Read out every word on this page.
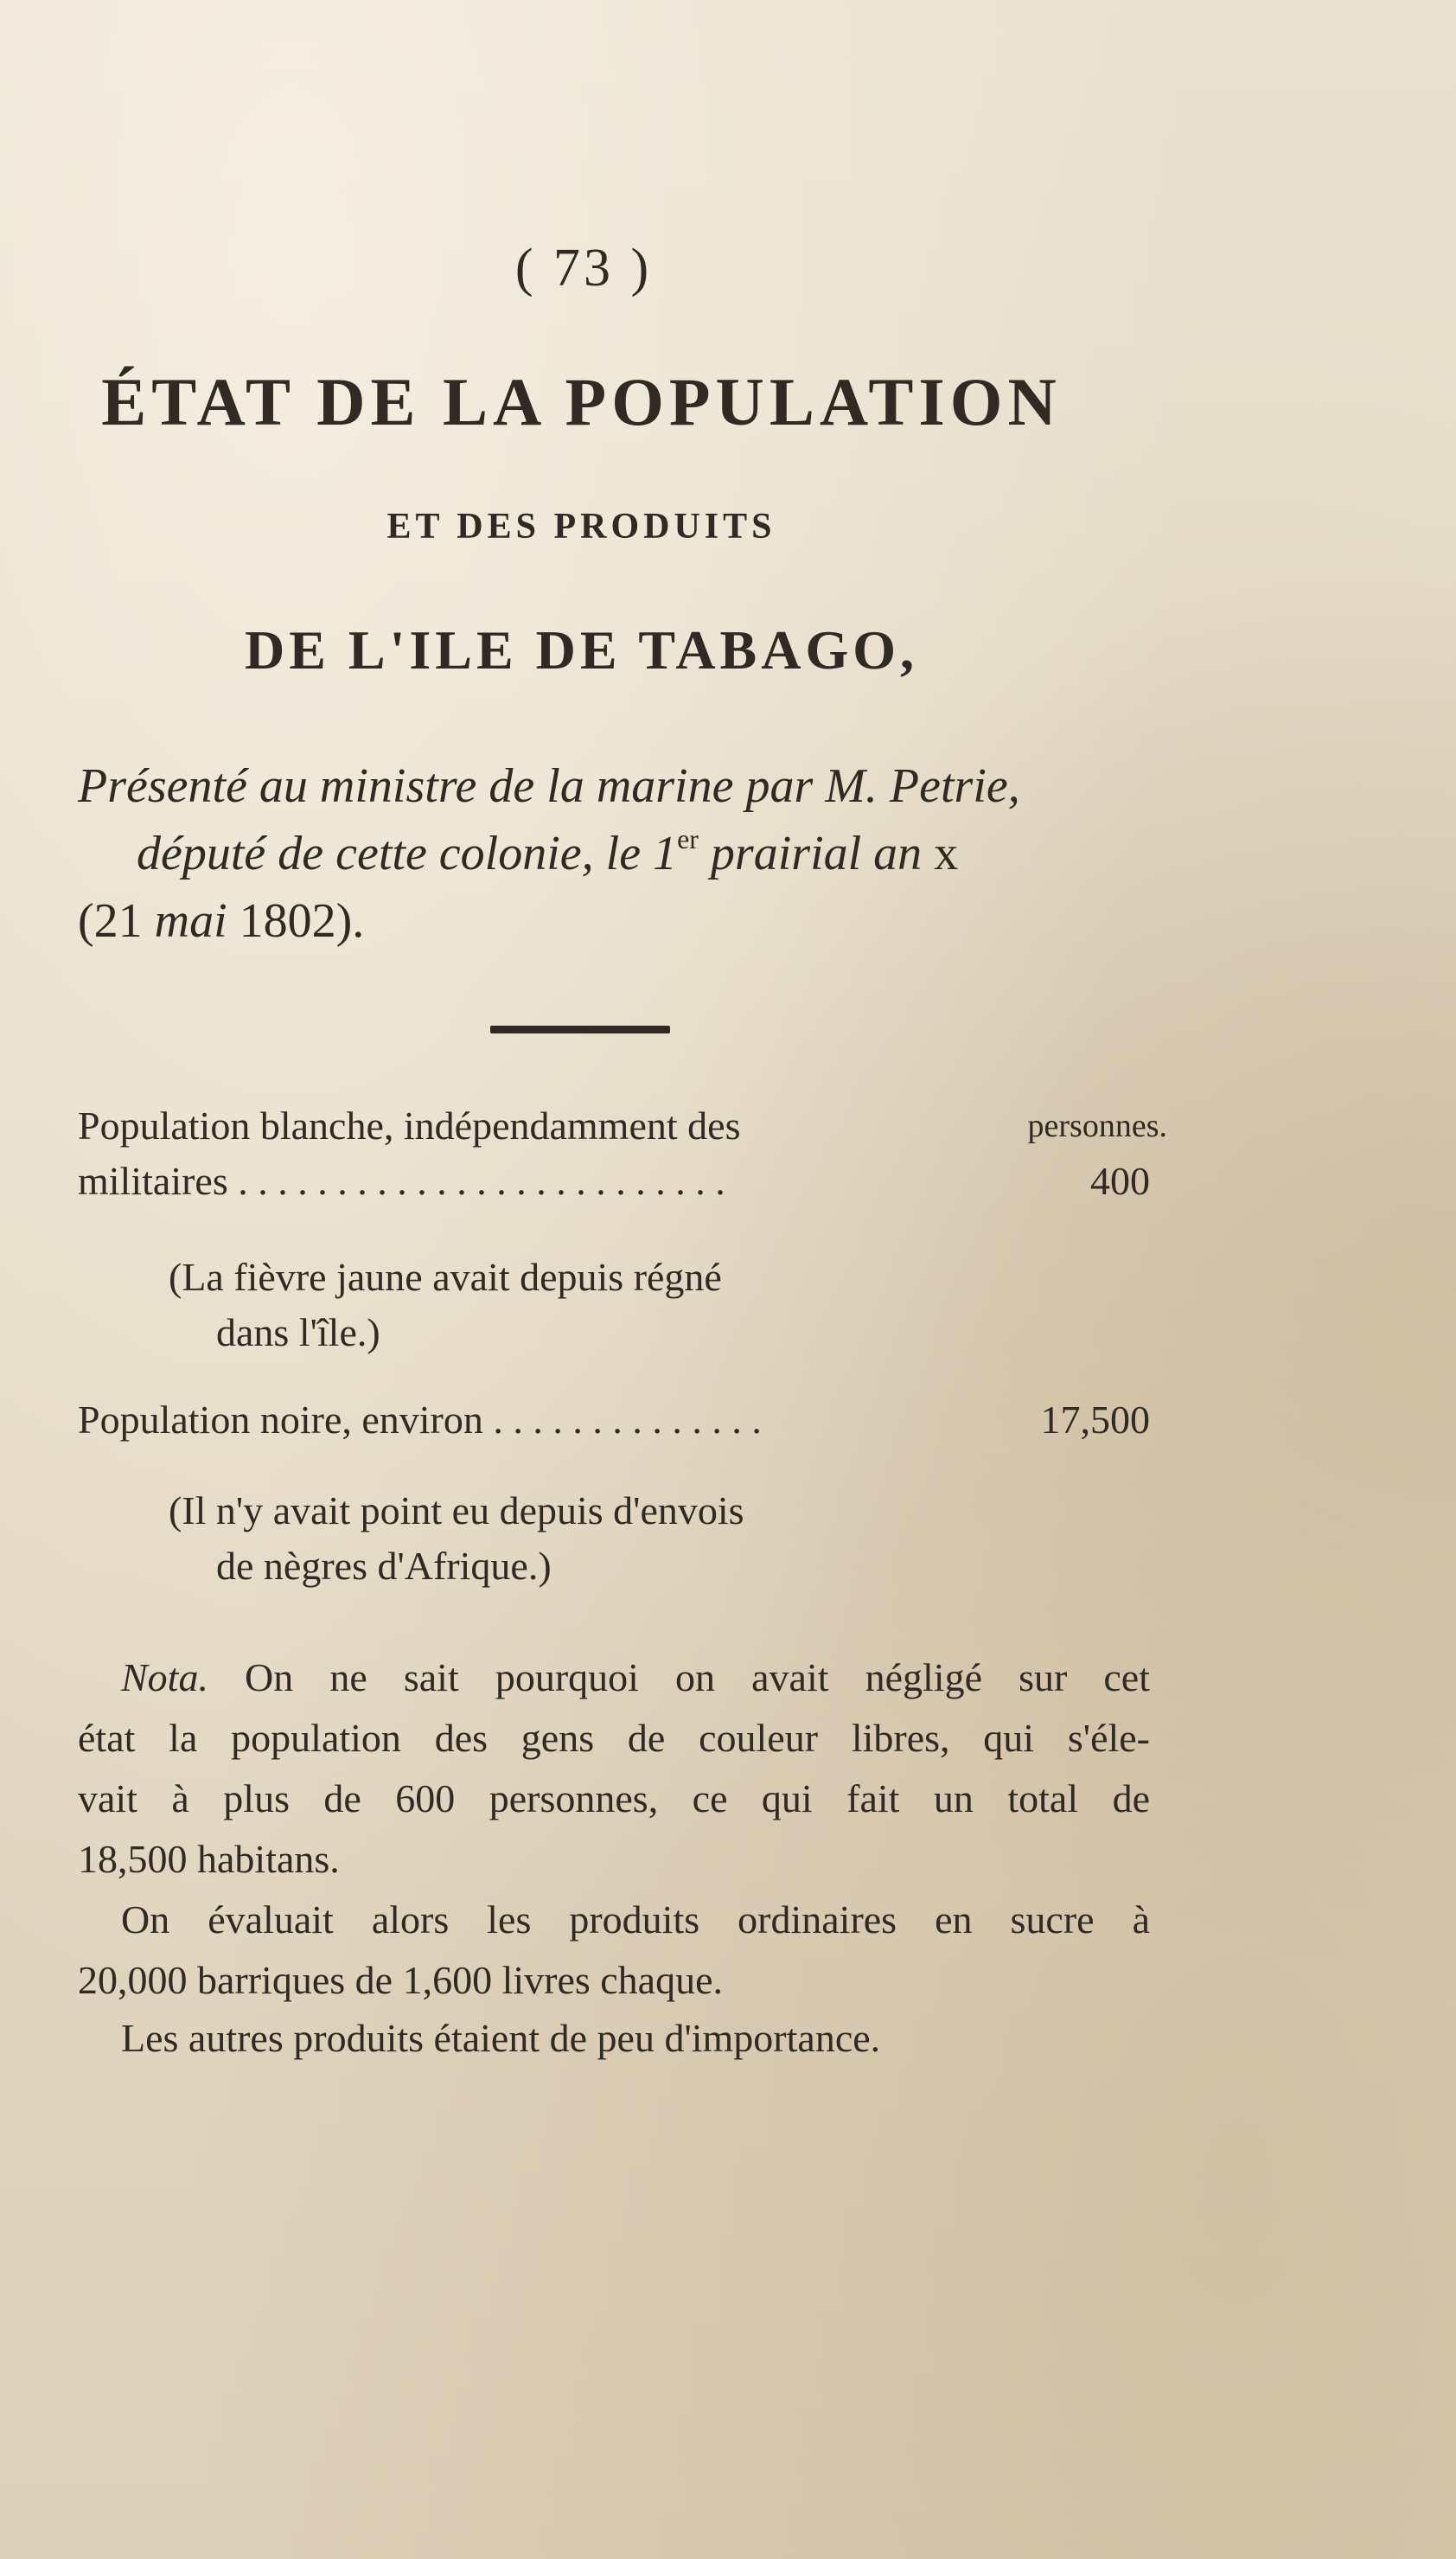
( 73 )
ÉTAT DE LA POPULATION
ET DES PRODUITS
DE L'ILE DE TABAGO,
Présenté au ministre de la marine par M. Petrie,
député de cette colonie, le 1er prairial an x
(21 mai 1802).
Population blanche, indépendamment des	personnes.
militaires . . . . . . . . . . . . . . . . . . . . . . . . .	400
(La fièvre jaune avait depuis régné
dans l'île.)
Population noire, environ . . . . . . . . . . . . . .	17,500
(Il n'y avait point eu depuis d'envois
de nègres d'Afrique.)
Nota. On ne sait pourquoi on avait négligé sur cet
état la population des gens de couleur libres, qui s'éle-
vait à plus de 600 personnes, ce qui fait un total de
18,500 habitans.
On évaluait alors les produits ordinaires en sucre à
20,000 barriques de 1,600 livres chaque.
Les autres produits étaient de peu d'importance.
